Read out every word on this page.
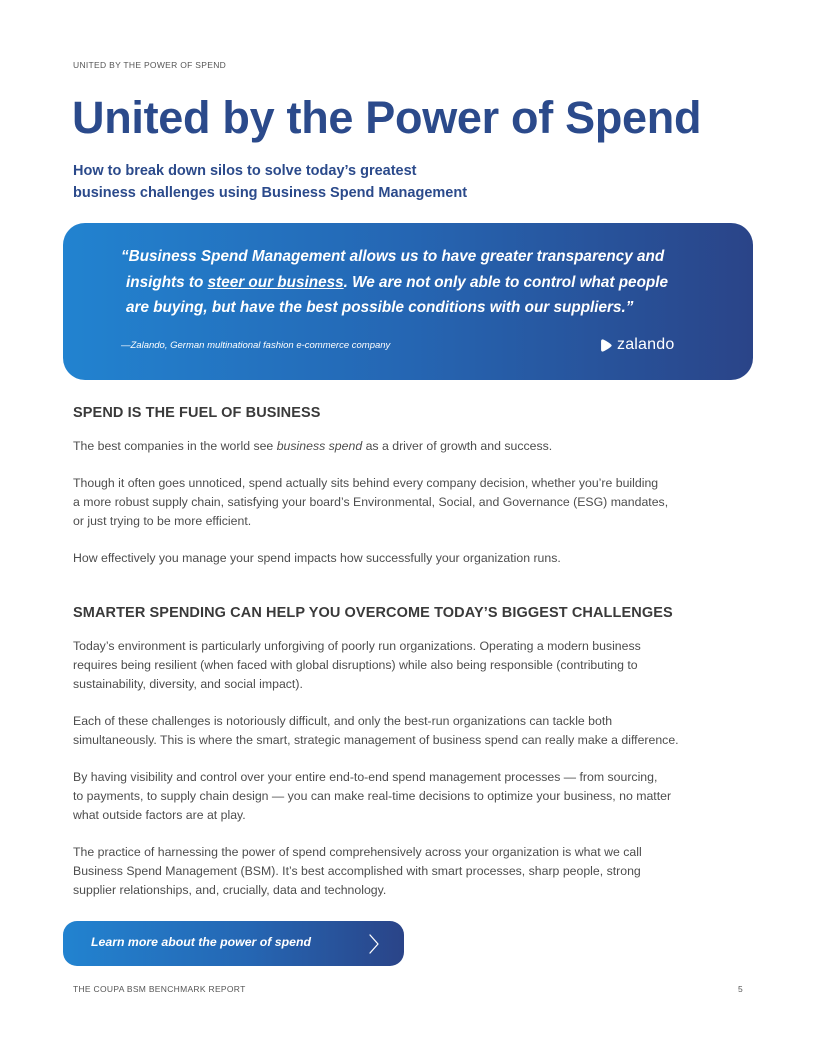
UNITED BY THE POWER OF SPEND
United by the Power of Spend
How to break down silos to solve today’s greatest
business challenges using Business Spend Management

“Business Spend Management allows us to have greater transparency and
insights to steer our business. We are not only able to control what people
are buying, but have the best possible conditions with our suppliers.”

—Zalando, German multinational fashion e-commerce company	zalando
SPEND IS THE FUEL OF BUSINESS

The best companies in the world see business spend as a driver of growth and success.

Though it often goes unnoticed, spend actually sits behind every company decision, whether you’re building
a more robust supply chain, satisfying your board’s Environmental, Social, and Governance (ESG) mandates,
or just trying to be more efficient.

How effectively you manage your spend impacts how successfully your organization runs.

SMARTER SPENDING CAN HELP YOU OVERCOME TODAY’S BIGGEST CHALLENGES

Today’s environment is particularly unforgiving of poorly run organizations. Operating a modern business
requires being resilient (when faced with global disruptions) while also being responsible (contributing to
sustainability, diversity, and social impact).

Each of these challenges is notoriously difficult, and only the best-run organizations can tackle both
simultaneously. This is where the smart, strategic management of business spend can really make a difference.

By having visibility and control over your entire end-to-end spend management processes — from sourcing,
to payments, to supply chain design — you can make real-time decisions to optimize your business, no matter
what outside factors are at play.

The practice of harnessing the power of spend comprehensively across your organization is what we call
Business Spend Management (BSM). It’s best accomplished with smart processes, sharp people, strong
supplier relationships, and, crucially, data and technology.

Learn more about the power of spend
THE COUPA BSM BENCHMARK REPORT	5
